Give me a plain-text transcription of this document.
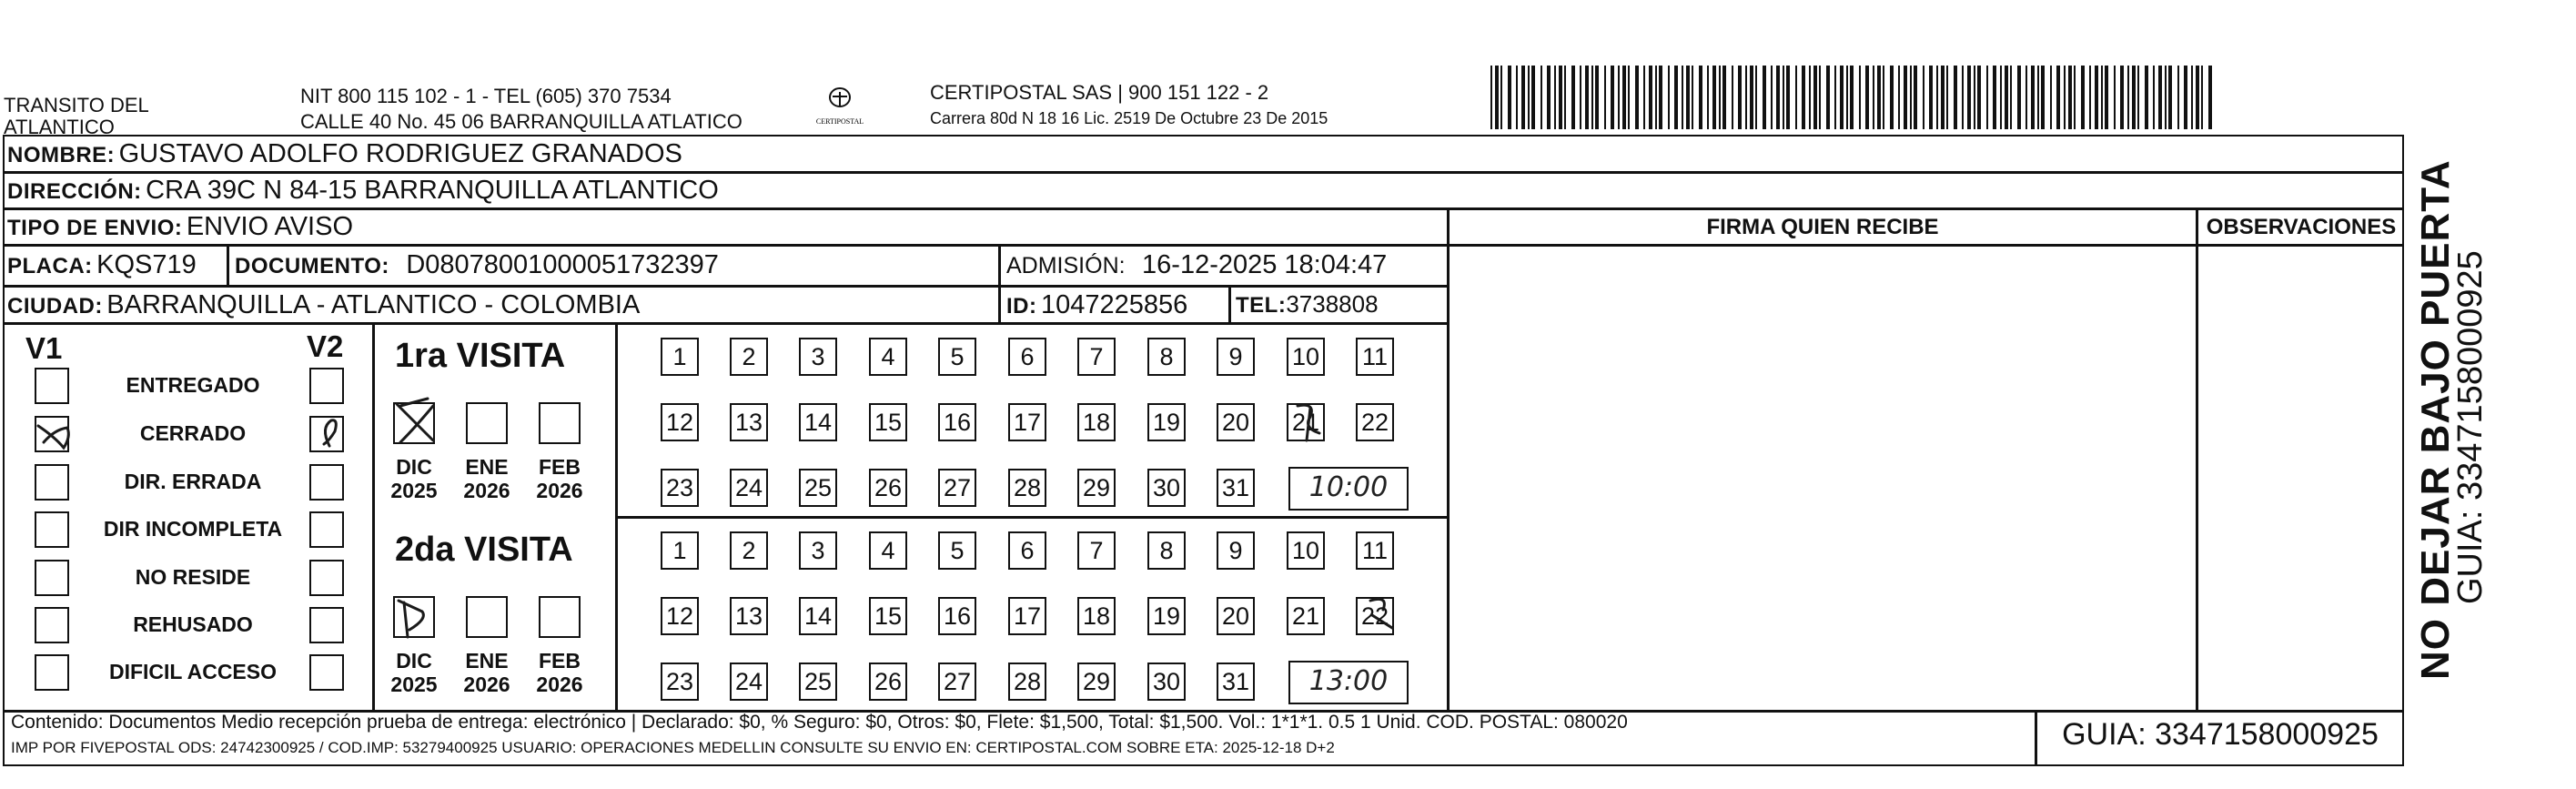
TRANSITO DEL
ATLANTICO
NIT 800 115 102 - 1 - TEL (605) 370 7534
CALLE 40 No. 45 06 BARRANQUILLA ATLATICO	CERTIPOSTAL
CERTIPOSTAL SAS | 900 151 122 - 2
Carrera 80d N 18 16 Lic. 2519 De Octubre 23 De 2015
NOMBRE: GUSTAVO ADOLFO RODRIGUEZ GRANADOS
DIRECCIÓN: CRA 39C N 84-15 BARRANQUILLA ATLANTICO
TIPO DE ENVIO: ENVIO AVISO
PLACA: KQS719 DOCUMENTO: D08078001000051732397	ADMISIÓN: 16-12-2025 18:04:47
CIUDAD: BARRANQUILLA - ATLANTICO - COLOMBIA	ID: 1047225856 TEL:3738808
FIRMA QUIEN RECIBE	OBSERVACIONES
V1	V2
ENTREGADO
CERRADO
DIR. ERRADA
DIR INCOMPLETA
NO RESIDE
REHUSADO
DIFICIL ACCESO
1ra VISITA
DIC
2025
ENE
2026
FEB
2026
1	2	3	4	5	6	7	8	9	10 11
12 13 14 15 16 17 18 19 20 21 22
23 24 25 26 27 28 29 30 31	10:00
2da VISITA
DIC
2025
ENE
2026
FEB
2026
1	2	3	4	5	6	7	8	9	10 11
12 13 14 15 16 17 18 19 20 21 22
23 24 25 26 27 28 29 30 31	13:00
Contenido: Documentos Medio recepción prueba de entrega: electrónico | Declarado: $0, % Seguro: $0, Otros: $0, Flete: $1,500, Total: $1,500. Vol.: 1*1*1. 0.5 1 Unid. COD. POSTAL: 080020
IMP POR FIVEPOSTAL ODS: 24742300925 / COD.IMP: 53279400925 USUARIO: OPERACIONES MEDELLIN CONSULTE SU ENVIO EN: CERTIPOSTAL.COM SOBRE ETA: 2025-12-18 D+2	GUIA: 3347158000925
NO DEJAR BAJO PUERTA
GUIA: 3347158000925
